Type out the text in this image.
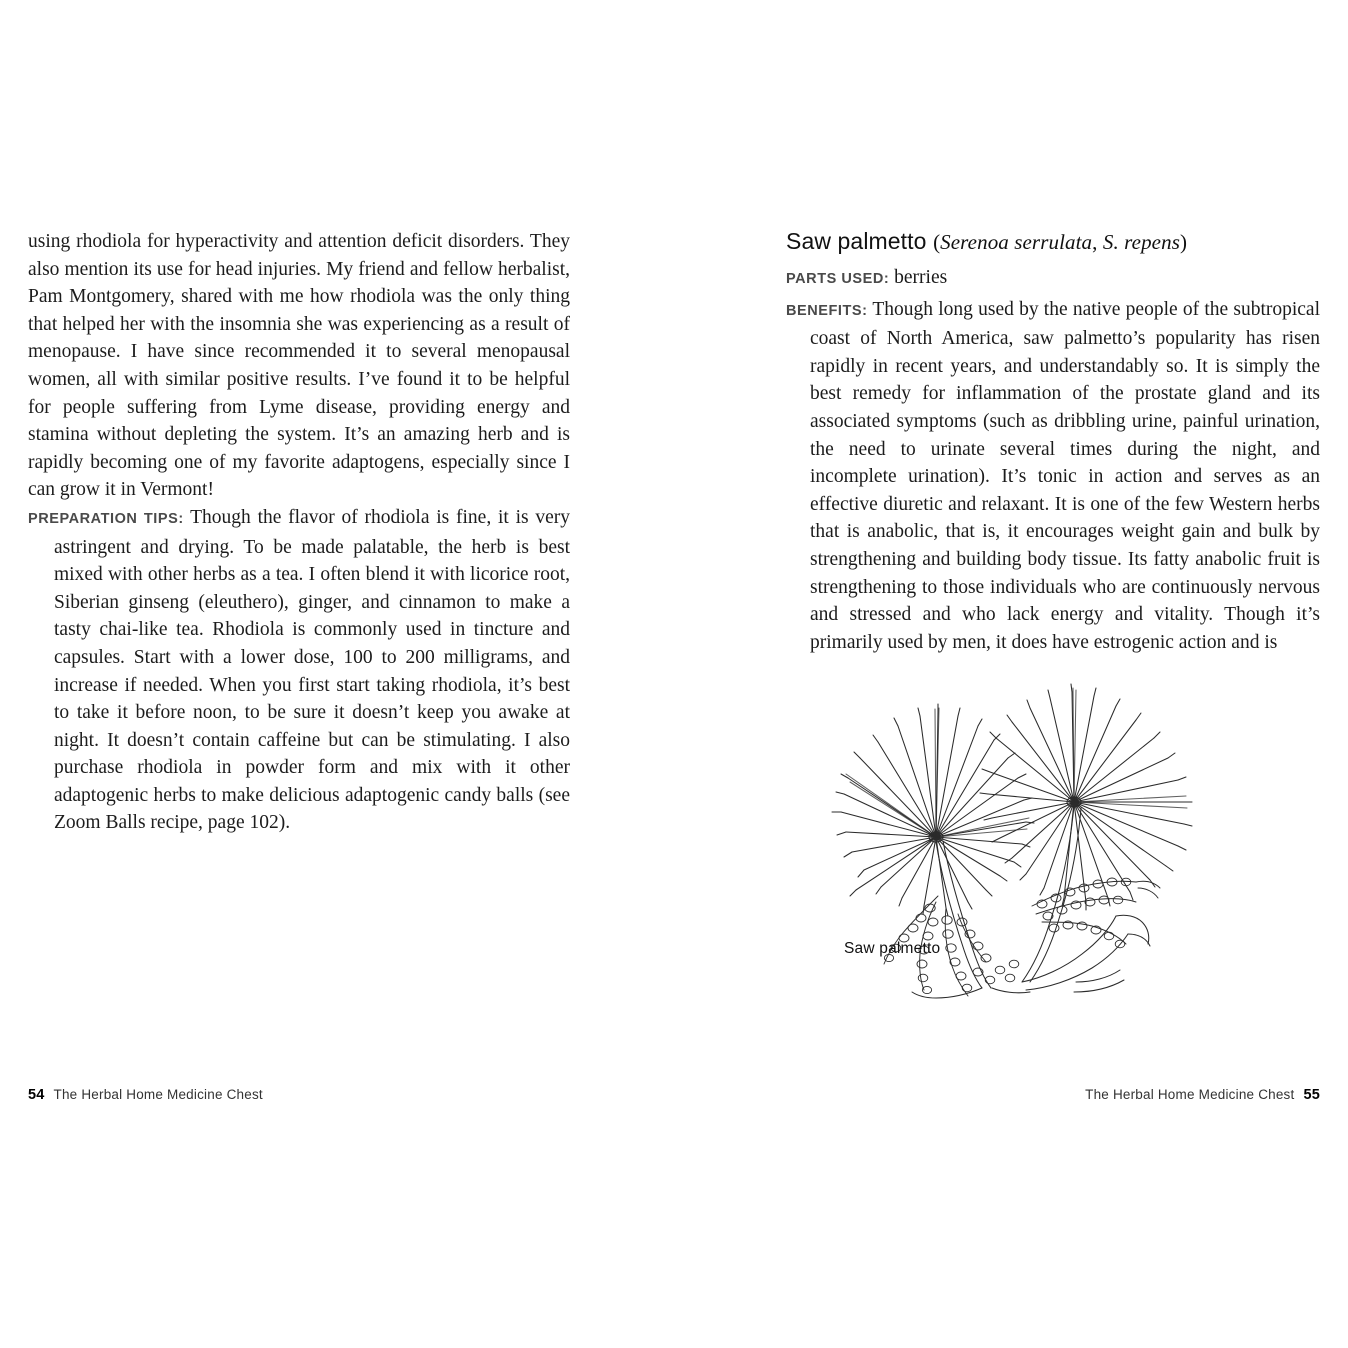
using rhodiola for hyperactivity and attention deficit disorders. They also mention its use for head injuries. My friend and fellow herbalist, Pam Montgomery, shared with me how rhodiola was the only thing that helped her with the insomnia she was experiencing as a result of menopause. I have since recommended it to several menopausal women, all with similar positive results. I’ve found it to be helpful for people suffering from Lyme disease, providing energy and stamina without depleting the system. It’s an amazing herb and is rapidly becoming one of my favorite adaptogens, especially since I can grow it in Vermont!

PREPARATION TIPS: Though the flavor of rhodiola is fine, it is very astringent and drying. To be made palatable, the herb is best mixed with other herbs as a tea. I often blend it with licorice root, Siberian ginseng (eleuthero), ginger, and cinnamon to make a tasty chai-like tea. Rhodiola is commonly used in tincture and capsules. Start with a lower dose, 100 to 200 milligrams, and increase if needed. When you first start taking rhodiola, it’s best to take it before noon, to be sure it doesn’t keep you awake at night. It doesn’t contain caffeine but can be stimulating. I also purchase rhodiola in powder form and mix with it other adaptogenic herbs to make delicious adaptogenic candy balls (see Zoom Balls recipe, page 102).

54 The Herbal Home Medicine Chest
Saw palmetto (Serenoa serrulata, S. repens)

PARTS USED: berries

BENEFITS: Though long used by the native people of the subtropical coast of North America, saw palmetto’s popularity has risen rapidly in recent years, and understandably so. It is simply the best remedy for inflammation of the prostate gland and its associated symptoms (such as dribbling urine, painful urination, the need to urinate several times during the night, and incomplete urination). It’s tonic in action and serves as an effective diuretic and relaxant. It is one of the few Western herbs that is anabolic, that is, it encourages weight gain and bulk by strengthening and building body tissue. Its fatty anabolic fruit is strengthening to those individuals who are continuously nervous and stressed and who lack energy and vitality. Though it’s primarily used by men, it does have estrogenic action and is

Saw palmetto
The Herbal Home Medicine Chest 55
